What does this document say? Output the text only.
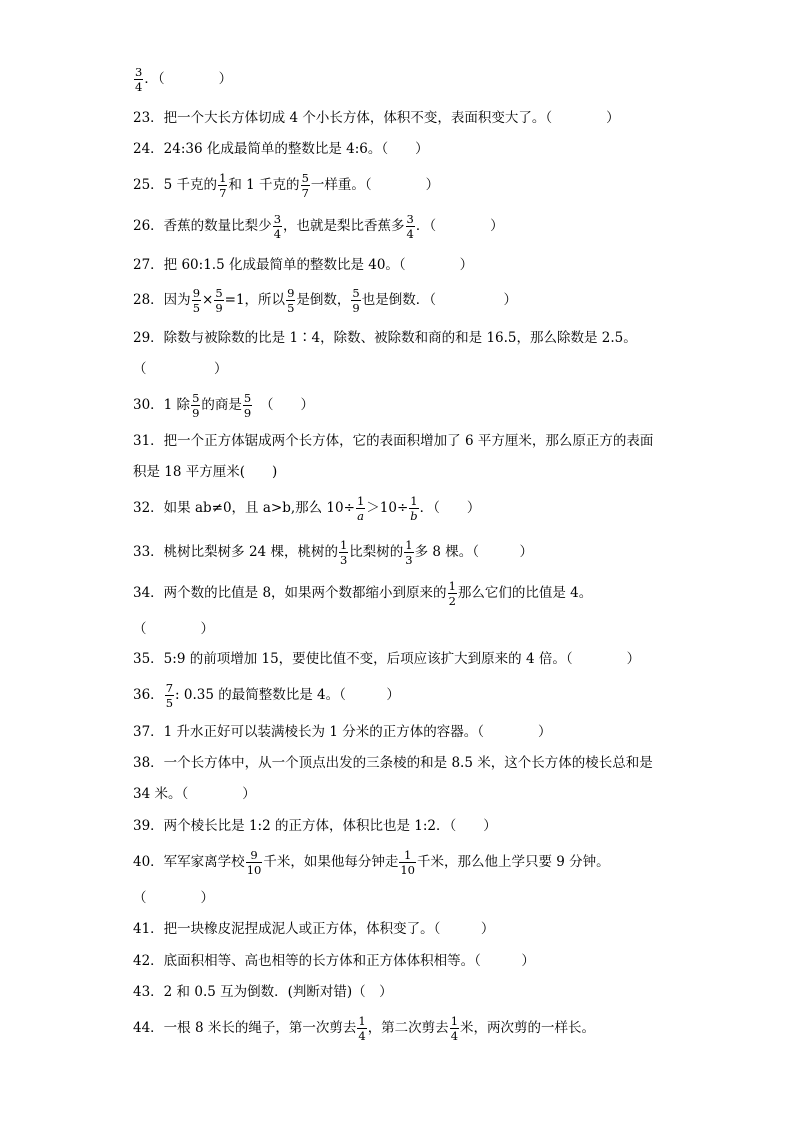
$\frac{3}{4}$ ．（　　　　）
23．把一个大长方体切成 4 个小长方体，体积不变，表面积变大了。（　　　　）
24．24:36 化成最简单的整数比是 4:6。（　　）
25．5 千克的 $\frac{1}{7}$ 和 1 千克的 $\frac{5}{7}$ 一样重。（　　　　）
26．香蕉的数量比梨少 $\frac{3}{4}$ ，也就是梨比香蕉多 $\frac{3}{4}$ ．（　　　　）
27．把 60:1.5 化成最简单的整数比是 40。（　　　　）
28．因为 $\frac{9}{5} \times \frac{5}{9} =1$，所以 $\frac{9}{5}$ 是倒数， $\frac{5}{9}$ 也是倒数．（　　　　　）
29．除数与被除数的比是 1∶4，除数、被除数和商的和是 16.5，那么除数是 2.5。
（　　　　　）
30．1 除 $\frac{5}{9}$ 的商是 $\frac{5}{9}$ 　（　　）
31．把一个正方体锯成两个长方体，它的表面积增加了 6 平方厘米，那么原正方的表面
积是 18 平方厘米(　　)
32．如果 ab≠0，且 a>b,那么 $10\div \frac{1}{a} >10\div \frac{1}{b}$ ．（　　）
33．桃树比梨树多 24 棵，桃树的 $\frac{1}{3}$ 比梨树的 $\frac{1}{3}$ 多 8 棵。（　　　）
34．两个数的比值是 8，如果两个数都缩小到原来的 $\frac{1}{2}$ 那么它们的比值是 4。
（　　　　）
35．5:9 的前项增加 15，要使比值不变，后项应该扩大到原来的 4 倍。（　　　　）
36． $\frac{7}{5}$ : 0.35 的最简整数比是 4。（　　　）
37．1 升水正好可以装满棱长为 1 分米的正方体的容器。（　　　　）
38．一个长方体中，从一个顶点出发的三条棱的和是 8.5 米，这个长方体的棱长总和是
34 米。（　　　　）
39．两个棱长比是 1:2 的正方体，体积比也是 1:2．（　　）
40．军军家离学校 $\frac{9}{10}$ 千米，如果他每分钟走 $\frac{1}{10}$ 千米，那么他上学只要 9 分钟。
（　　　　）
41．把一块橡皮泥捏成泥人或正方体，体积变了。（　　　）
42．底面积相等、高也相等的长方体和正方体体积相等。（　　　）
43．2 和 0.5 互为倒数．(判断对错)（　）
44．一根 8 米长的绳子，第一次剪去 $\frac{1}{4}$ ，第二次剪去 $\frac{1}{4}$ 米，两次剪的一样长。
